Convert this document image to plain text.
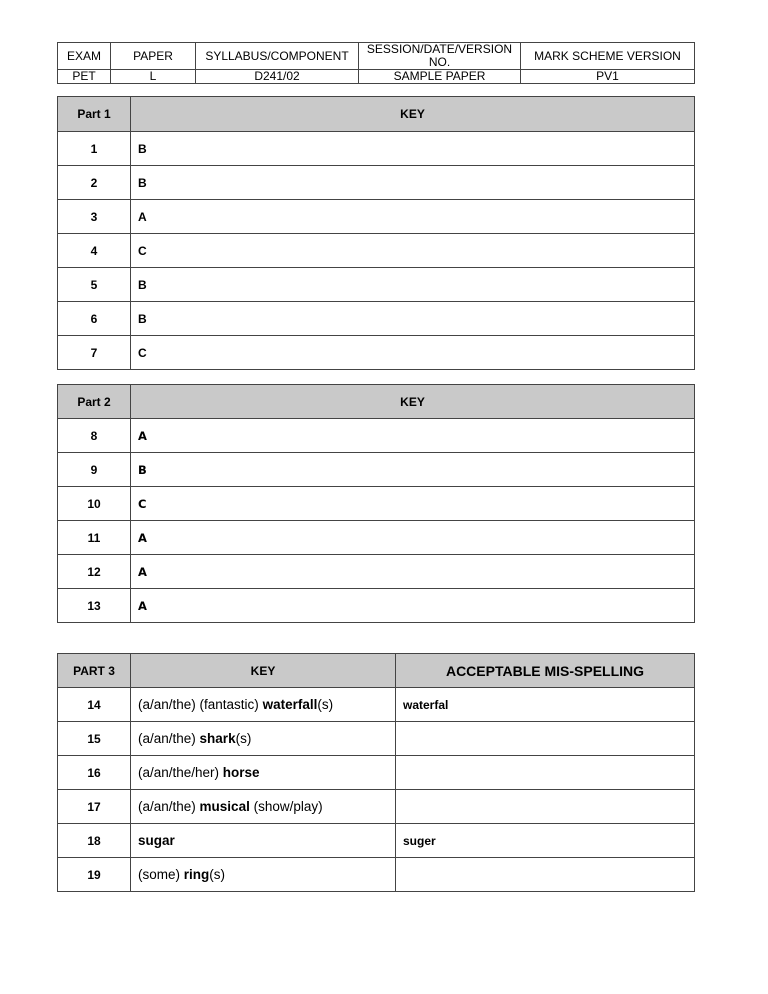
EXAM	PAPER	SYLLABUS/COMPONENT	SESSION/DATE/VERSION NO.	MARK SCHEME VERSION
PET	L	D241/02	SAMPLE PAPER	PV1
Part 1	KEY
1	B
2	B
3	A
4	C
5	B
6	B
7	C
Part 2	KEY
8	A
9	B
10	C
11	A
12	A
13	A
PART 3	KEY	ACCEPTABLE MIS-SPELLING
14	(a/an/the) (fantastic) waterfall(s)	waterfal
15	(a/an/the) shark(s)	
16	(a/an/the/her) horse	
17	(a/an/the) musical (show/play)	
18	sugar	suger
19	(some) ring(s)	
